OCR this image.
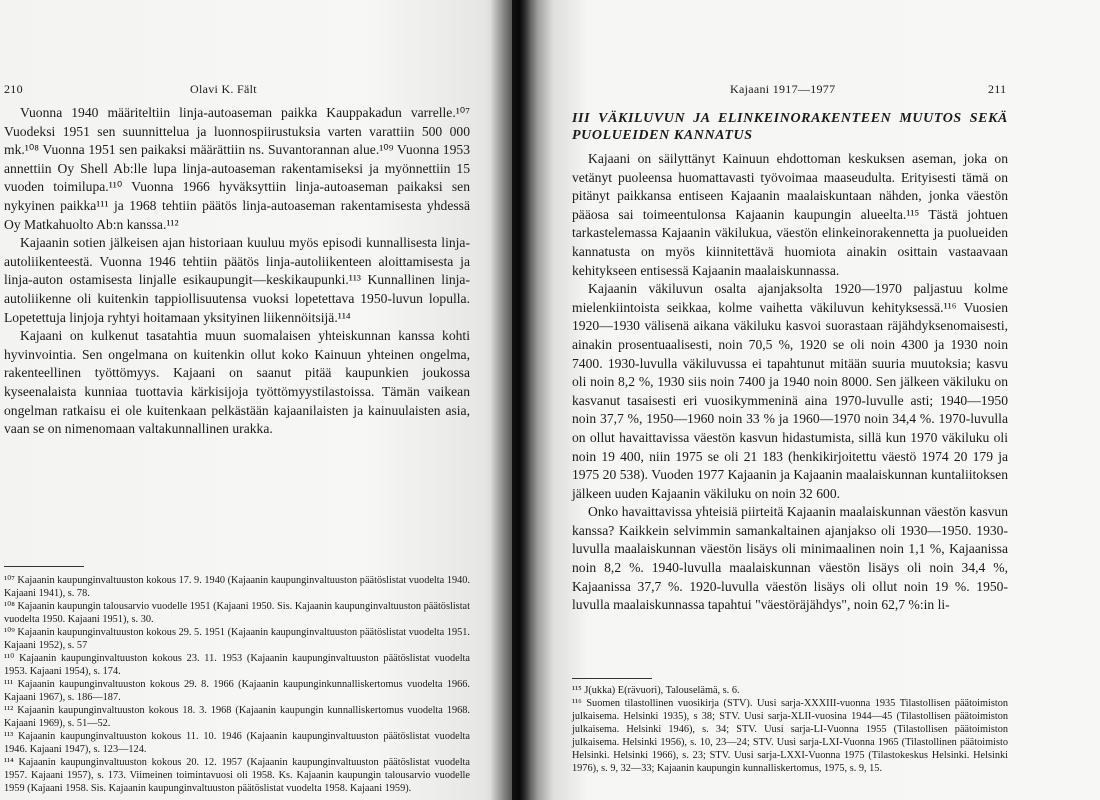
210	Olavi K. Fält

Vuonna 1940 määriteltiin linja-autoaseman paikka Kauppakadun varrelle.¹⁰⁷ Vuodeksi 1951 sen suunnittelua ja luonnospiirustuksia varten varattiin 500 000 mk.¹⁰⁸ Vuonna 1951 sen paikaksi määrättiin ns. Suvantorannan alue.¹⁰⁹ Vuonna 1953 annettiin Oy Shell Ab:lle lupa linja-autoaseman rakentamiseksi ja myönnettiin 15 vuoden toimilupa.¹¹⁰ Vuonna 1966 hyväksyttiin linja-autoaseman paikaksi sen nykyinen paikka¹¹¹ ja 1968 tehtiin päätös linja-autoaseman rakentamisesta yhdessä Oy Matkahuolto Ab:n kanssa.¹¹²

Kajaanin sotien jälkeisen ajan historiaan kuuluu myös episodi kunnallisesta linja-autoliikenteestä. Vuonna 1946 tehtiin päätös linja-autoliikenteen aloittamisesta ja linja-auton ostamisesta linjalle esikaupungit—keskikaupunki.¹¹³ Kunnallinen linja-autoliikenne oli kuitenkin tappiollisuutensa vuoksi lopetettava 1950-luvun lopulla. Lopetettuja linjoja ryhtyi hoitamaan yksityinen liikennöitsijä.¹¹⁴

Kajaani on kulkenut tasatahtia muun suomalaisen yhteiskunnan kanssa kohti hyvinvointia. Sen ongelmana on kuitenkin ollut koko Kainuun yhteinen ongelma, rakenteellinen työttömyys. Kajaani on saanut pitää kaupunkien joukossa kyseenalaista kunniaa tuottavia kärkisijoja työttömyystilastoissa. Tämän vaikean ongelman ratkaisu ei ole kuitenkaan pelkästään kajaanilaisten ja kainuulaisten asia, vaan se on nimenomaan valtakunnallinen urakka.

¹⁰⁷ Kajaanin kaupunginvaltuuston kokous 17. 9. 1940 (Kajaanin kaupunginvaltuuston päätöslistat vuodelta 1940. Kajaani 1941), s. 78.

¹⁰⁸ Kajaanin kaupungin talousarvio vuodelle 1951 (Kajaani 1950. Sis. Kajaanin kaupunginvaltuuston päätöslistat vuodelta 1950. Kajaani 1951), s. 30.

¹⁰⁹ Kajaanin kaupunginvaltuuston kokous 29. 5. 1951 (Kajaanin kaupunginvaltuuston päätöslistat vuodelta 1951. Kajaani 1952), s. 57

¹¹⁰ Kajaanin kaupunginvaltuuston kokous 23. 11. 1953 (Kajaanin kaupunginvaltuuston päätöslistat vuodelta 1953. Kajaani 1954), s. 174.

¹¹¹ Kajaanin kaupunginvaltuuston kokous 29. 8. 1966 (Kajaanin kaupunginkunnalliskertomus vuodelta 1966. Kajaani 1967), s. 186—187.

¹¹² Kajaanin kaupunginvaltuuston kokous 18. 3. 1968 (Kajaanin kaupungin kunnalliskertomus vuodelta 1968. Kajaani 1969), s. 51—52.

¹¹³ Kajaanin kaupunginvaltuuston kokous 11. 10. 1946 (Kajaanin kaupunginvaltuuston päätöslistat vuodelta 1946. Kajaani 1947), s. 123—124.

¹¹⁴ Kajaanin kaupunginvaltuuston kokous 20. 12. 1957 (Kajaanin kaupunginvaltuuston päätöslistat vuodelta 1957. Kajaani 1957), s. 173. Viimeinen toimintavuosi oli 1958. Ks. Kajaanin kaupungin talousarvio vuodelle 1959 (Kajaani 1958. Sis. Kajaanin kaupunginvaltuuston päätöslistat vuodelta 1958. Kajaani 1959).

Kajaani 1917—1977	211
III VÄKILUVUN JA ELINKEINORAKENTEEN MUUTOS SEKÄ PUOLUEIDEN KANNATUS

Kajaani on säilyttänyt Kainuun ehdottoman keskuksen aseman, joka on vetänyt puoleensa huomattavasti työvoimaa maaseudulta. Erityisesti tämä on pitänyt paikkansa entiseen Kajaanin maalaiskuntaan nähden, jonka väestön pääosa sai toimeentulonsa Kajaanin kaupungin alueelta.¹¹⁵ Tästä johtuen tarkastelemassa Kajaanin väkilukua, väestön elinkeinorakennetta ja puolueiden kannatusta on myös kiinnitettävä huomiota ainakin osittain vastaavaan kehitykseen entisessä Kajaanin maalaiskunnassa.

Kajaanin väkiluvun osalta ajanjaksolta 1920—1970 paljastuu kolme mielenkiintoista seikkaa, kolme vaihetta väkiluvun kehityksessä.¹¹⁶ Vuosien 1920—1930 välisenä aikana väkiluku kasvoi suorastaan räjähdyksenomaisesti, ainakin prosentuaalisesti, noin 70,5 %, 1920 se oli noin 4300 ja 1930 noin 7400. 1930-luvulla väkiluvussa ei tapahtunut mitään suuria muutoksia; kasvu oli noin 8,2 %, 1930 siis noin 7400 ja 1940 noin 8000. Sen jälkeen väkiluku on kasvanut tasaisesti eri vuosikymmeninä aina 1970-luvulle asti; 1940—1950 noin 37,7 %, 1950—1960 noin 33 % ja 1960—1970 noin 34,4 %. 1970-luvulla on ollut havaittavissa väestön kasvun hidastumista, sillä kun 1970 väkiluku oli noin 19 400, niin 1975 se oli 21 183 (henkikirjoitettu väestö 1974 20 179 ja 1975 20 538). Vuoden 1977 Kajaanin ja Kajaanin maalaiskunnan kuntaliitoksen jälkeen uuden Kajaanin väkiluku on noin 32 600.

Onko havaittavissa yhteisiä piirteitä Kajaanin maalaiskunnan väestön kasvun kanssa? Kaikkein selvimmin samankaltainen ajanjakso oli 1930—1950. 1930-luvulla maalaiskunnan väestön lisäys oli minimaalinen noin 1,1 %, Kajaanissa noin 8,2 %. 1940-luvulla maalaiskunnan väestön lisäys oli noin 34,4 %, Kajaanissa 37,7 %. 1920-luvulla väestön lisäys oli ollut noin 19 %. 1950-luvulla maalaiskunnassa tapahtui "väestöräjähdys", noin 62,7 %:in li-

¹¹⁵ J(ukka) E(rävuori), Talouselämä, s. 6.

¹¹⁶ Suomen tilastollinen vuosikirja (STV). Uusi sarja-XXXIII-vuonna 1935 Tilastollisen päätoimiston julkaisema. Helsinki 1935), s 38; STV. Uusi sarja-XLII-vuosina 1944—45 (Tilastollisen päätoimiston julkaisema. Helsinki 1946), s. 34; STV. Uusi sarja-LI-Vuonna 1955 (Tilastollisen päätoimiston julkaisema. Helsinki 1956), s. 10, 23—24; STV. Uusi sarja-LXI-Vuonna 1965 (Tilastollinen päätoimisto Helsinki. Helsinki 1966), s. 23; STV. Uusi sarja-LXXI-Vuonna 1975 (Tilastokeskus Helsinki. Helsinki 1976), s. 9, 32—33; Kajaanin kaupungin kunnalliskertomus, 1975, s. 9, 15.
